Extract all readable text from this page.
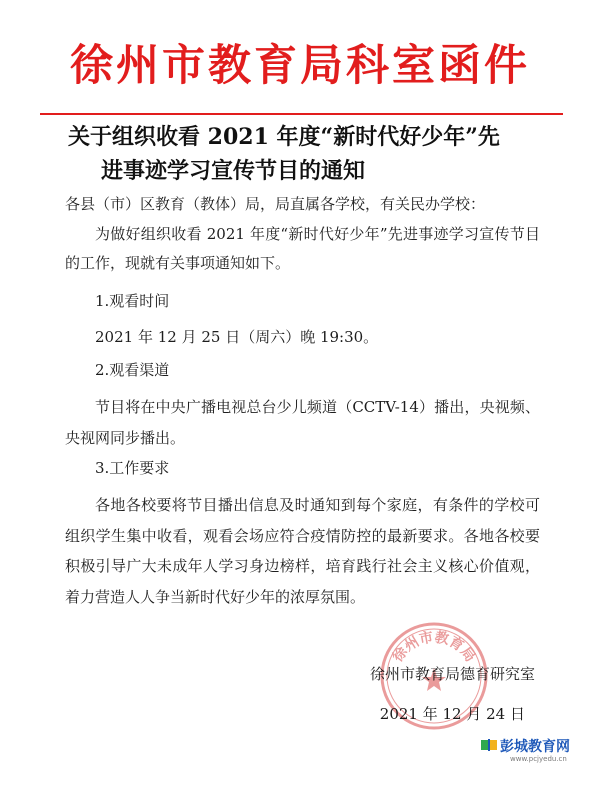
徐州市教育局科室函件
关于组织收看 2021 年度“新时代好少年”先
进事迹学习宣传节目的通知
各县（市）区教育（教体）局，局直属各学校，有关民办学校：
为做好组织收看 2021 年度“新时代好少年”先进事迹学习宣传节目的工作，现就有关事项通知如下。
1.观看时间
2021 年 12 月 25 日（周六）晚 19:30。
2.观看渠道
节目将在中央广播电视总台少儿频道（CCTV-14）播出，央视频、央视网同步播出。
3.工作要求
各地各校要将节目播出信息及时通知到每个家庭，有条件的学校可组织学生集中收看，观看会场应符合疫情防控的最新要求。各地各校要积极引导广大未成年人学习身边榜样，培育践行社会主义核心价值观，着力营造人人争当新时代好少年的浓厚氛围。
徐州市教育局
徐州市教育局德育研究室
2021 年 12 月 24 日
彭城教育网
www.pcjyedu.cn
